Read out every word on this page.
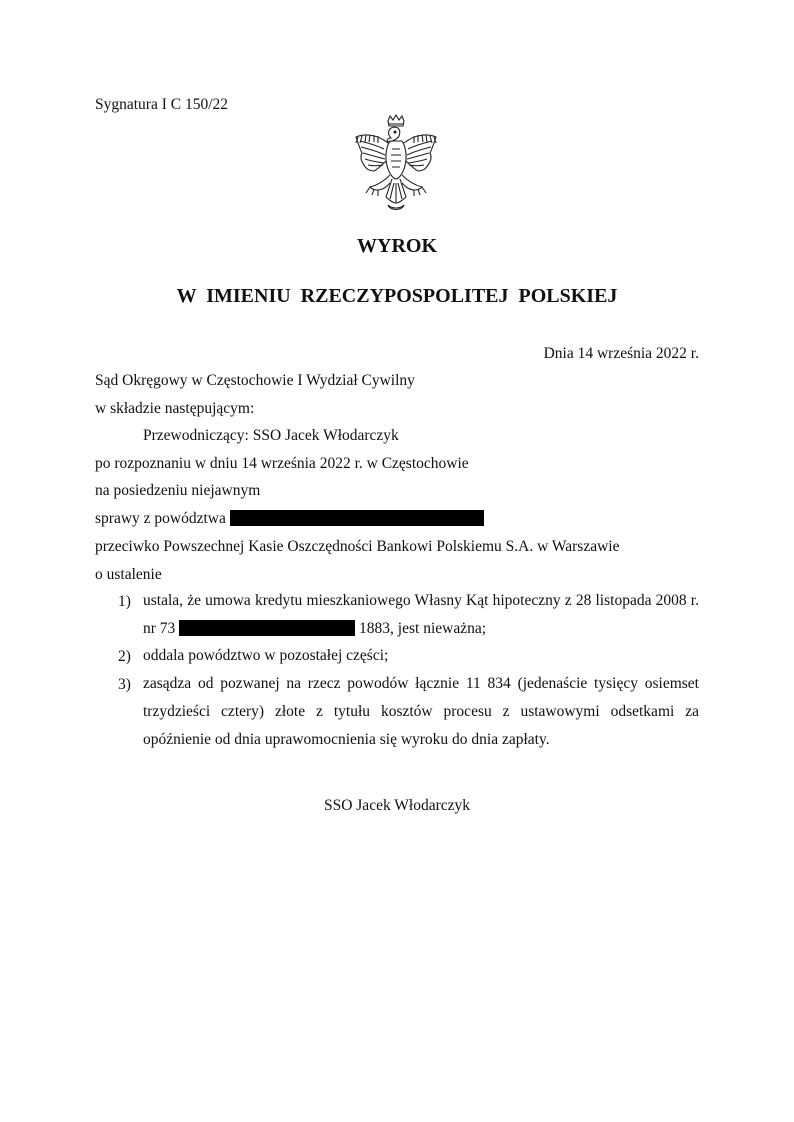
Sygnatura I C 150/22
WYROK
W  IMIENIU  RZECZYPOSPOLITEJ  POLSKIEJ
Dnia 14 września 2022 r.
Sąd Okręgowy w Częstochowie I Wydział Cywilny
w składzie następującym:
Przewodniczący: SSO Jacek Włodarczyk
po rozpoznaniu w dniu 14 września 2022 r. w Częstochowie
na posiedzeniu niejawnym
sprawy z powództwa
przeciwko Powszechnej Kasie Oszczędności Bankowi Polskiemu S.A. w Warszawie
o ustalenie
1) ustala, że umowa kredytu mieszkaniowego Własny Kąt hipoteczny z 28 listopada 2008 r. nr 73	1883, jest nieważna;
2) oddala powództwo w pozostałej części;
3) zasądza od pozwanej na rzecz powodów łącznie 11 834 (jedenaście tysięcy osiemset trzydzieści cztery) złote z tytułu kosztów procesu z ustawowymi odsetkami za opóźnienie od dnia uprawomocnienia się wyroku do dnia zapłaty.
SSO Jacek Włodarczyk
